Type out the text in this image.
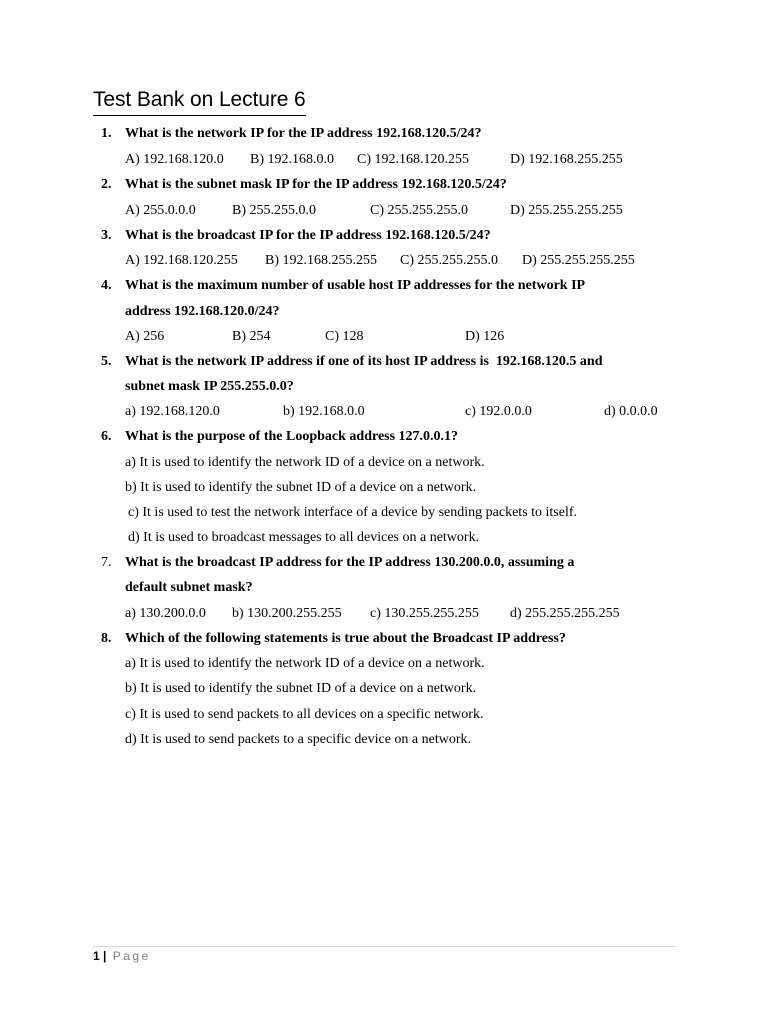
Test Bank on Lecture 6
1. What is the network IP for the IP address 192.168.120.5/24?
A) 192.168.120.0 B) 192.168.0.0 C) 192.168.120.255	D) 192.168.255.255
2. What is the subnet mask IP for the IP address 192.168.120.5/24?
A) 255.0.0.0	B) 255.255.0.0	C) 255.255.255.0	D) 255.255.255.255
3. What is the broadcast IP for the IP address 192.168.120.5/24?
A) 192.168.120.255 B) 192.168.255.255 C) 255.255.255.0 D) 255.255.255.255
4. What is the maximum number of usable host IP addresses for the network IP
address 192.168.120.0/24?
A) 256	B) 254	C) 128	D) 126
5. What is the network IP address if one of its host IP address is  192.168.120.5 and
subnet mask IP 255.255.0.0?
a) 192.168.120.0	b) 192.168.0.0	c) 192.0.0.0	d) 0.0.0.0
6. What is the purpose of the Loopback address 127.0.0.1?
a) It is used to identify the network ID of a device on a network.
b) It is used to identify the subnet ID of a device on a network.
c) It is used to test the network interface of a device by sending packets to itself.
d) It is used to broadcast messages to all devices on a network.
7. What is the broadcast IP address for the IP address 130.200.0.0, assuming a
default subnet mask?
a) 130.200.0.0 b) 130.200.255.255 c) 130.255.255.255 d) 255.255.255.255
8. Which of the following statements is true about the Broadcast IP address?
a) It is used to identify the network ID of a device on a network.
b) It is used to identify the subnet ID of a device on a network.
c) It is used to send packets to all devices on a specific network.
d) It is used to send packets to a specific device on a network.
1 | Page
